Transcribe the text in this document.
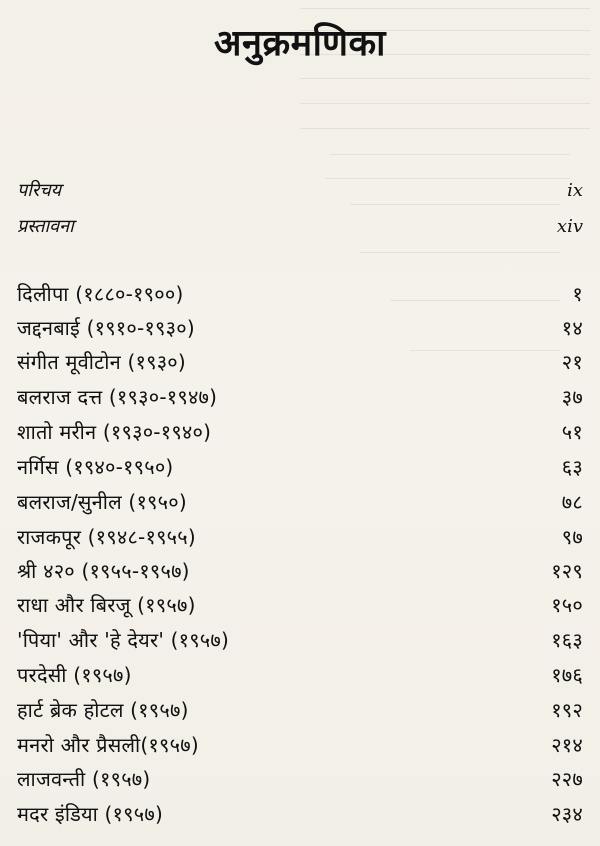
अनुक्रमणिका
परिचय	ix
प्रस्तावना	xiv
दिलीपा (१८८०-१९००)	१
जद्दनबाई (१९१०-१९३०)	१४
संगीत मूवीटोन (१९३०)	२१
बलराज दत्त (१९३०-१९४७)	३७
शातो मरीन (१९३०-१९४०)	५१
नर्गिस (१९४०-१९५०)	६३
बलराज/सुनील (१९५०)	७८
राजकपूर (१९४८-१९५५)	९७
श्री ४२० (१९५५-१९५७)	१२९
राधा और बिरजू (१९५७)	१५०
'पिया' और 'हे देयर' (१९५७)	१६३
परदेसी (१९५७)	१७६
हार्ट ब्रेक होटल (१९५७)	१९२
मनरो और प्रैसली(१९५७)	२१४
लाजवन्ती (१९५७)	२२७
मदर इंडिया (१९५७)	२३४
